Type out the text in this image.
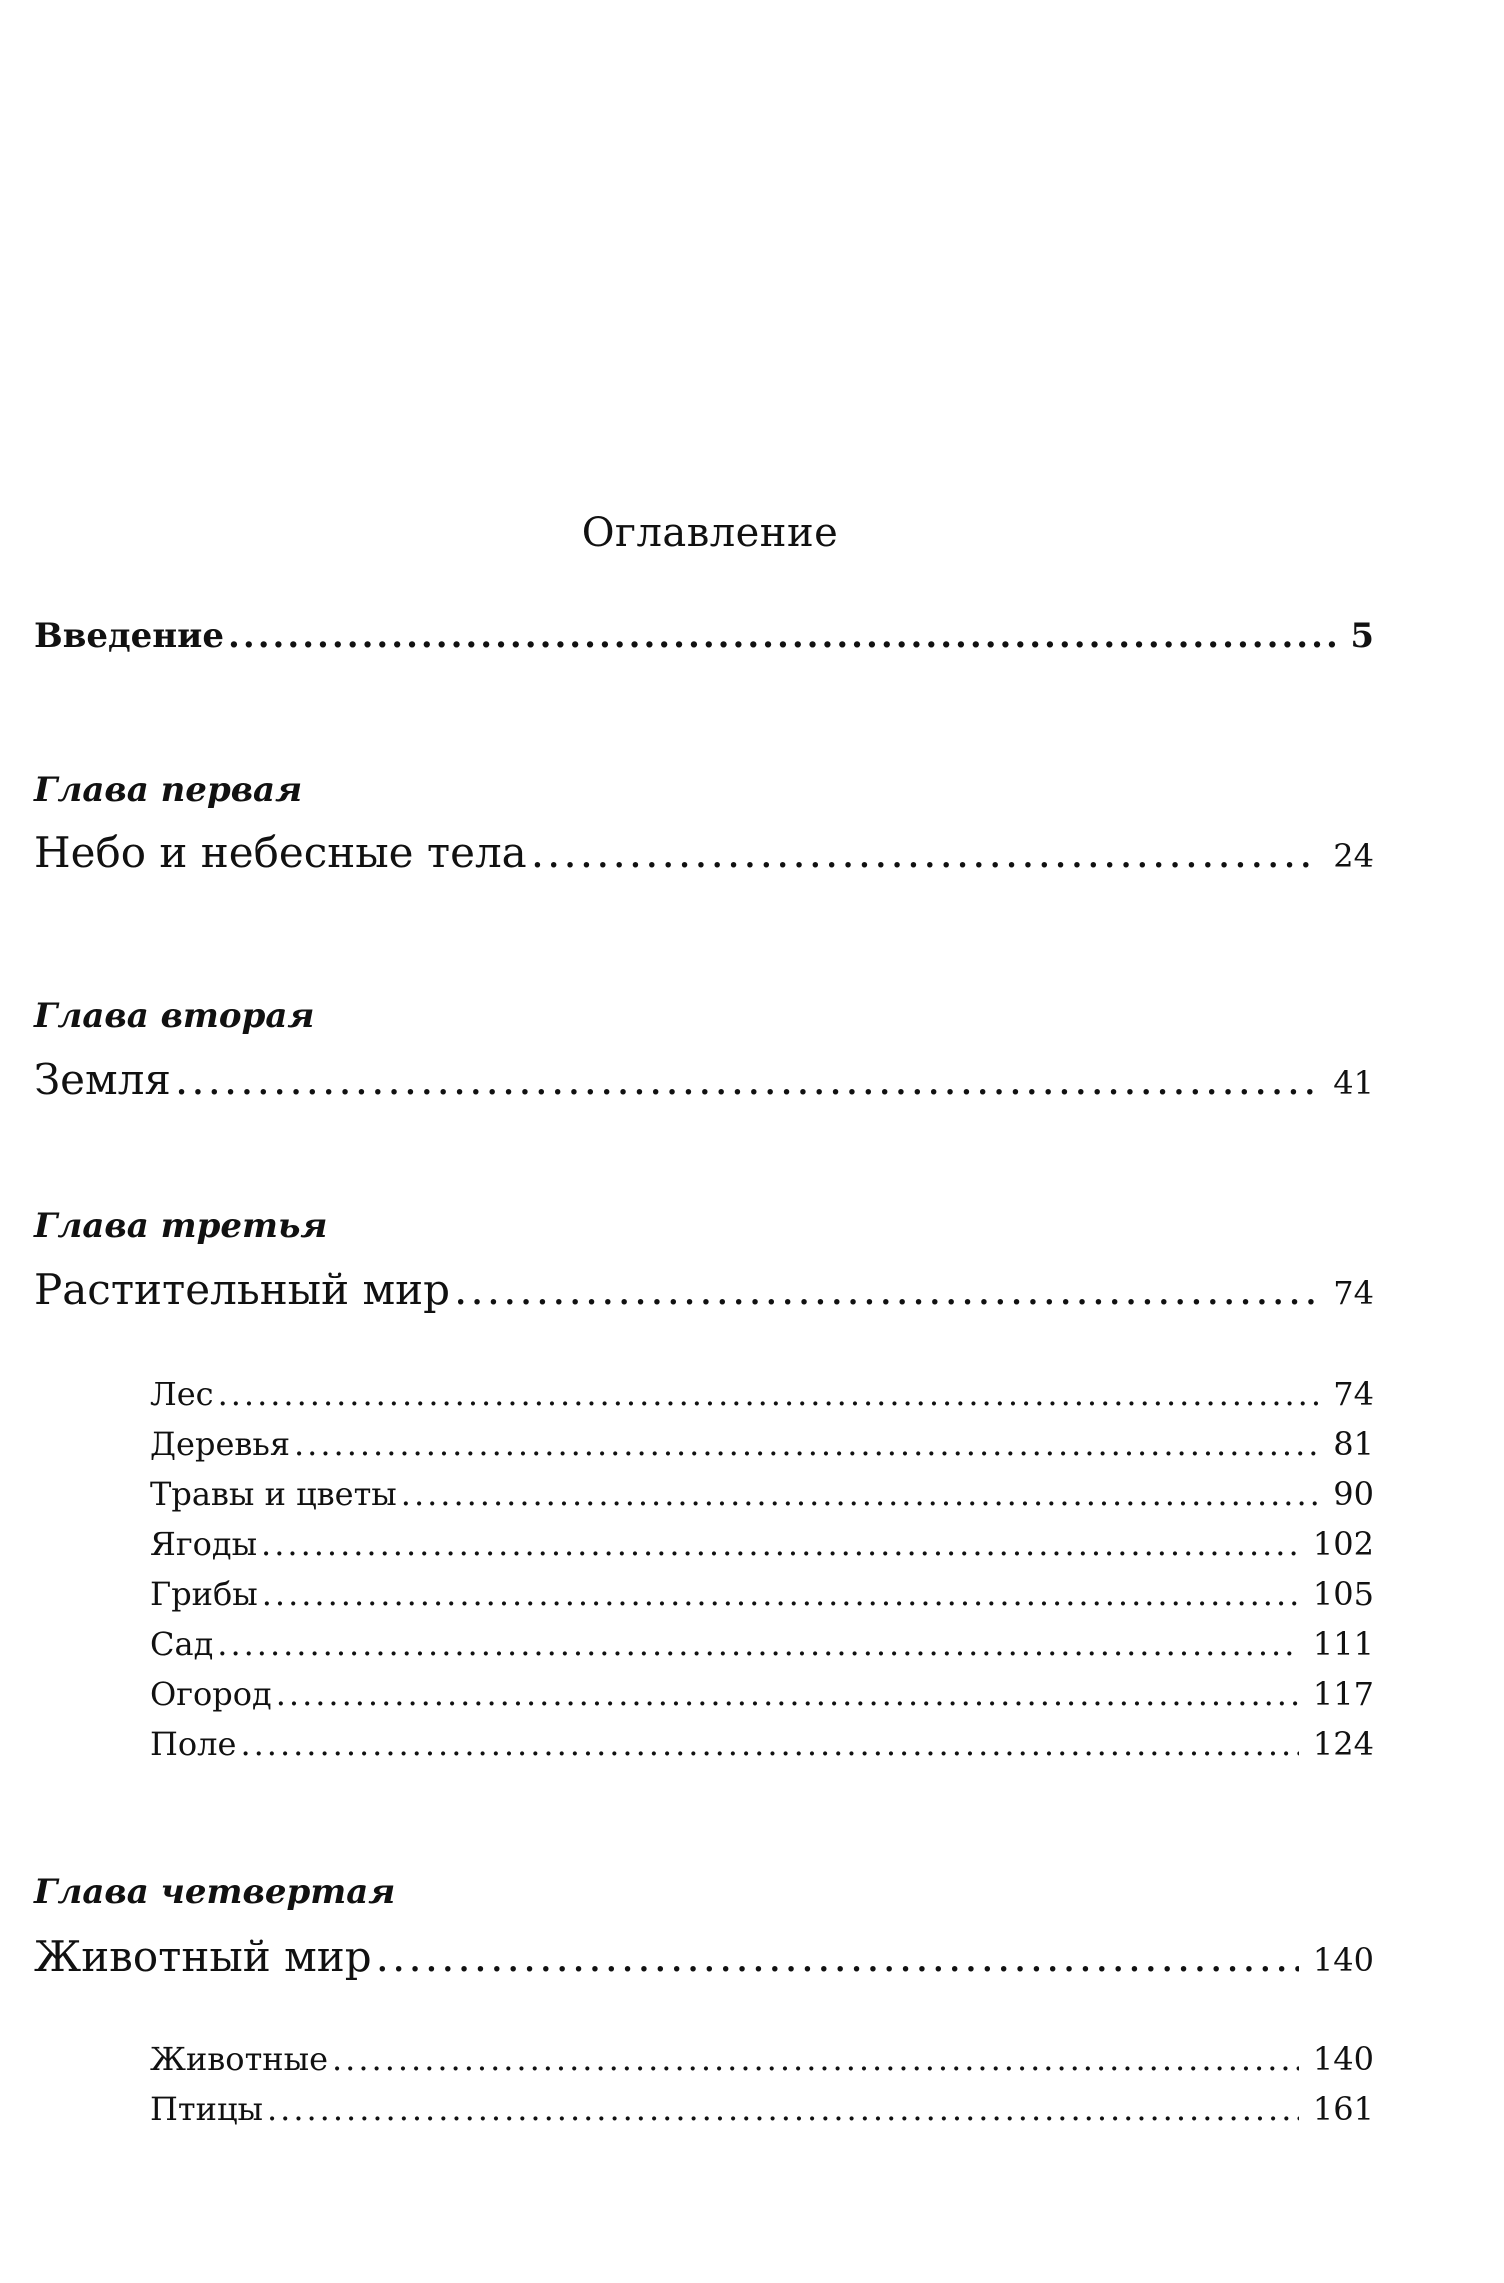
Оглавление
Введение .....	5
Глава первая
Небо и небесные тела .....	24
Глава вторая
Земля .....	41
Глава третья
Растительный мир .....	74
Лес .....	74
Деревья .....	81
Травы и цветы .....	90
Ягоды .....	102
Грибы .....	105
Сад .....	111
Огород .....	117
Поле .....	124
Глава четвертая
Животный мир .....	140
Животные .....	140
Птицы .....	161
